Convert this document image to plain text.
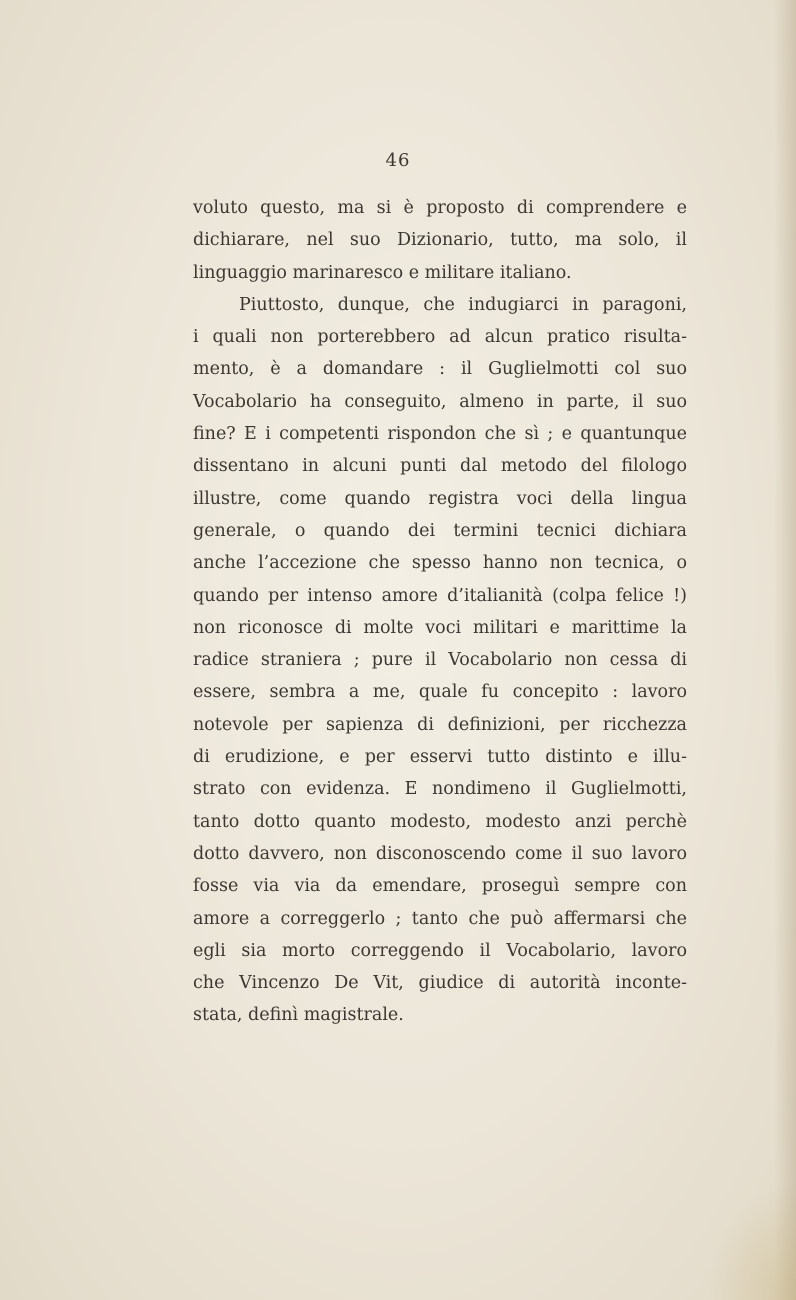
46
voluto questo, ma si è proposto di comprendere e
dichiarare, nel suo Dizionario, tutto, ma solo, il
linguaggio marinaresco e militare italiano.
Piuttosto, dunque, che indugiarci in paragoni,
i quali non porterebbero ad alcun pratico risulta-
mento, è a domandare : il Guglielmotti col suo
Vocabolario ha conseguito, almeno in parte, il suo
fine? E i competenti rispondon che sì ; e quantunque
dissentano in alcuni punti dal metodo del filologo
illustre, come quando registra voci della lingua
generale, o quando dei termini tecnici dichiara
anche l’accezione che spesso hanno non tecnica, o
quando per intenso amore d’italianità (colpa felice !)
non riconosce di molte voci militari e marittime la
radice straniera ; pure il Vocabolario non cessa di
essere, sembra a me, quale fu concepito : lavoro
notevole per sapienza di definizioni, per ricchezza
di erudizione, e per esservi tutto distinto e illu-
strato con evidenza. E nondimeno il Guglielmotti,
tanto dotto quanto modesto, modesto anzi perchè
dotto davvero, non disconoscendo come il suo lavoro
fosse via via da emendare, proseguì sempre con
amore a correggerlo ; tanto che può affermarsi che
egli sia morto correggendo il Vocabolario, lavoro
che Vincenzo De Vit, giudice di autorità inconte-
stata, definì magistrale.
